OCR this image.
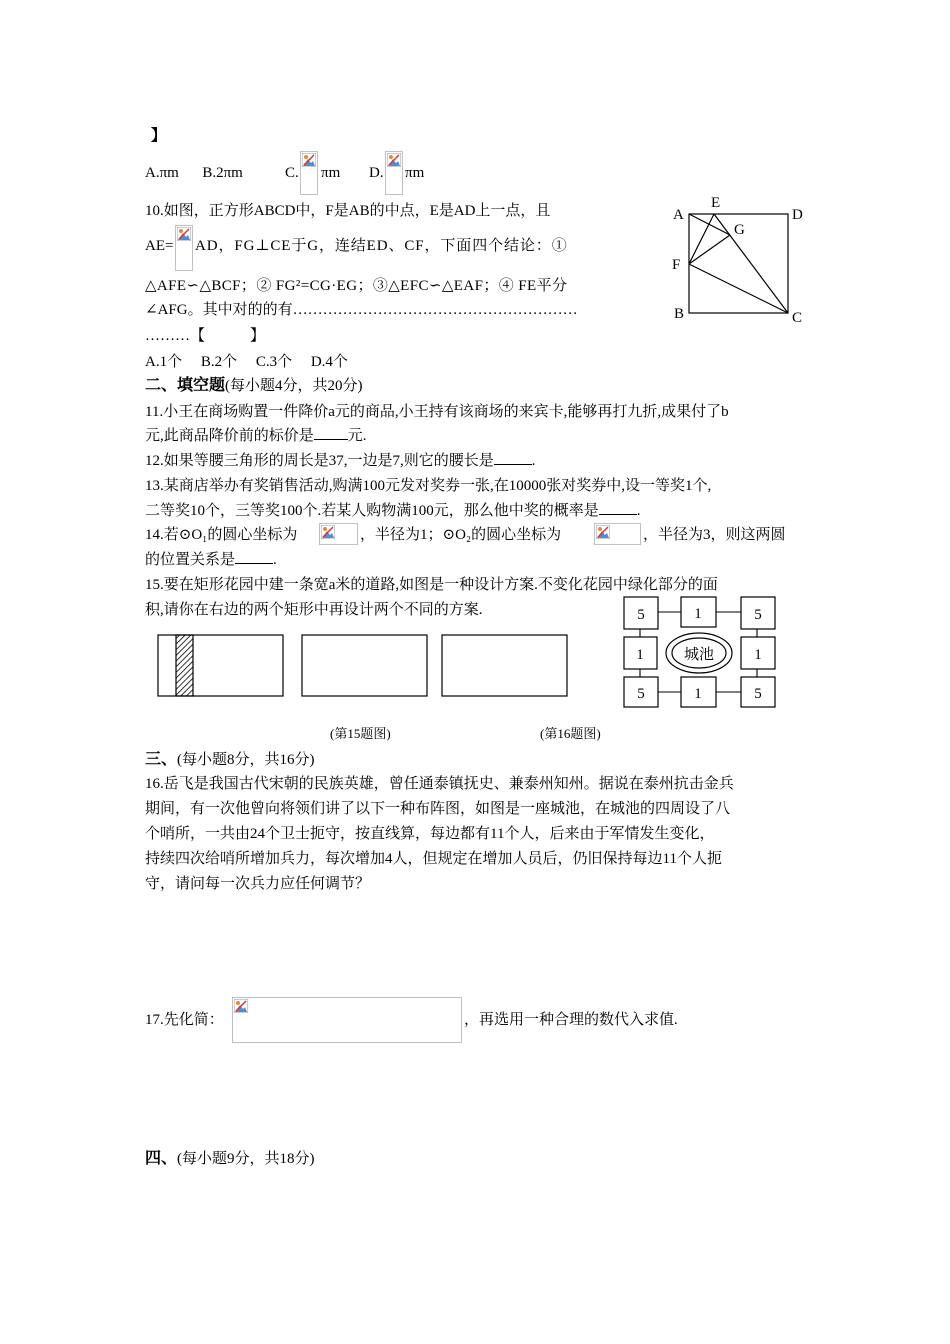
】
A.πm B.2πm	C. πm D. πm
10.如图，正方形ABCD中，F是AB的中点，E是AD上一点，且
AE= AD，FG⊥CE于G，连结ED、CF，下面四个结论：①
△AFE∽△BCF；② FG²=CG·EG；③△EFC∽△EAF；④ FE平分
∠AFG。其中对的的有…………………………………………………
………【　　　】
A.1个　 B.2个　 C.3个　 D.4个
A
E
D
G
F
B	C
二、填空题(每小题4分，共20分)
11.小王在商场购置一件降价a元的商品,小王持有该商场的来宾卡,能够再打九折,成果付了b
元,此商品降价前的标价是 元.
12.如果等腰三角形的周长是37,一边是7,则它的腰长是	.
13.某商店举办有奖销售活动,购满100元发对奖券一张,在10000张对奖券中,设一等奖1个,
二等奖10个，三等奖100个.若某人购物满100元，那么他中奖的概率是	.
14.若⊙O₁的圆心坐标为	，半径为1；⊙O₂的圆心坐标为	，半径为3，则这两圆
的位置关系是	.
15.要在矩形花园中建一条宽a米的道路,如图是一种设计方案.不变化花园中绿化部分的面
积,请你在右边的两个矩形中再设计两个不同的方案.	5	1	5
1	1
5	1	5
城池
(第15题图)	(第16题图)
三、(每小题8分，共16分)
16.岳飞是我国古代宋朝的民族英雄，曾任通泰镇抚史、兼泰州知州。据说在泰州抗击金兵
期间，有一次他曾向将领们讲了以下一种布阵图，如图是一座城池，在城池的四周设了八
个哨所，一共由24个卫士扼守，按直线算，每边都有11个人，后来由于军情发生变化，
持续四次给哨所增加兵力，每次增加4人，但规定在增加人员后，仍旧保持每边11个人扼
守，请问每一次兵力应任何调节？
17.先化简：	，再选用一种合理的数代入求值.
四、(每小题9分，共18分)
